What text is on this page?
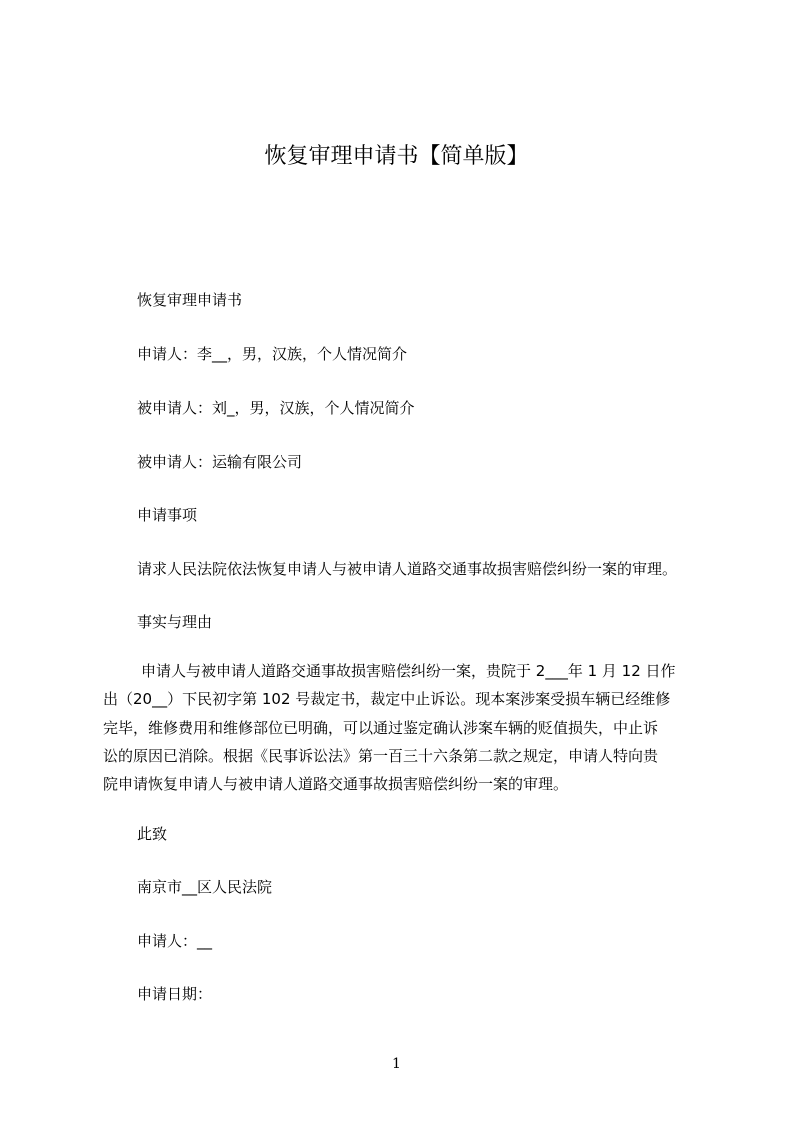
恢复审理申请书【简单版】
恢复审理申请书
申请人：李__，男，汉族，个人情况简介
被申请人：刘_，男，汉族，个人情况简介
被申请人：运输有限公司
申请事项
请求人民法院依法恢复申请人与被申请人道路交通事故损害赔偿纠纷一案的审理。
事实与理由
申请人与被申请人道路交通事故损害赔偿纠纷一案，贵院于 2___年 1 月 12 日作
出（20__）下民初字第 102 号裁定书，裁定中止诉讼。现本案涉案受损车辆已经维修
完毕，维修费用和维修部位已明确，可以通过鉴定确认涉案车辆的贬值损失，中止诉
讼的原因已消除。根据《民事诉讼法》第一百三十六条第二款之规定，申请人特向贵
院申请恢复申请人与被申请人道路交通事故损害赔偿纠纷一案的审理。
此致
南京市__区人民法院
申请人：__
申请日期：
1
